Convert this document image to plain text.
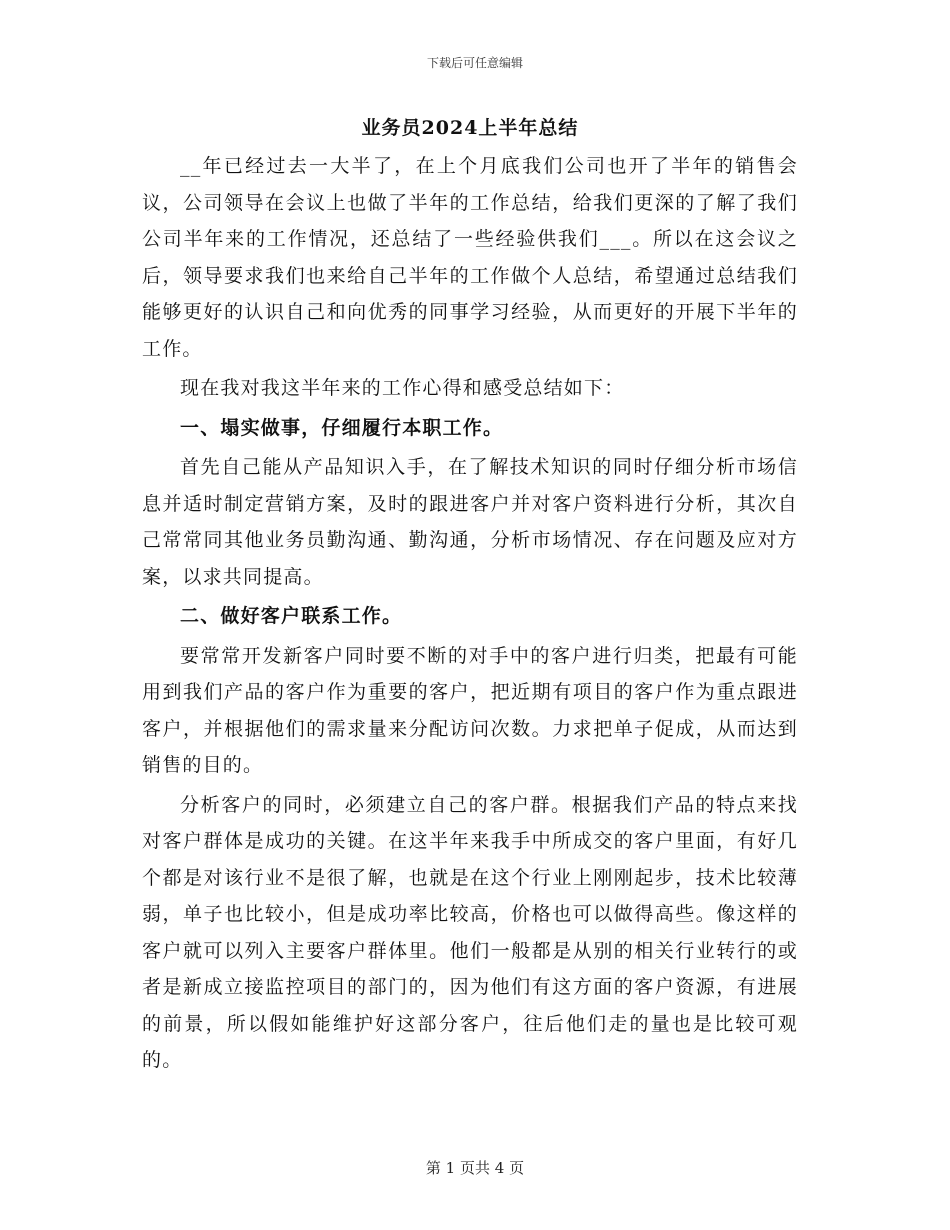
下载后可任意编辑
业务员2024上半年总结

__年已经过去一大半了，在上个月底我们公司也开了半年的销售会议，公司领导在会议上也做了半年的工作总结，给我们更深的了解了我们公司半年来的工作情况，还总结了一些经验供我们___。所以在这会议之后，领导要求我们也来给自己半年的工作做个人总结，希望通过总结我们能够更好的认识自己和向优秀的同事学习经验，从而更好的开展下半年的工作。

现在我对我这半年来的工作心得和感受总结如下：

一、塌实做事，仔细履行本职工作。

首先自己能从产品知识入手，在了解技术知识的同时仔细分析市场信息并适时制定营销方案，及时的跟进客户并对客户资料进行分析，其次自己常常同其他业务员勤沟通、勤沟通，分析市场情况、存在问题及应对方案，以求共同提高。

二、做好客户联系工作。

要常常开发新客户同时要不断的对手中的客户进行归类，把最有可能用到我们产品的客户作为重要的客户，把近期有项目的客户作为重点跟进客户，并根据他们的需求量来分配访问次数。力求把单子促成，从而达到销售的目的。

分析客户的同时，必须建立自己的客户群。根据我们产品的特点来找对客户群体是成功的关键。在这半年来我手中所成交的客户里面，有好几个都是对该行业不是很了解，也就是在这个行业上刚刚起步，技术比较薄弱，单子也比较小，但是成功率比较高，价格也可以做得高些。像这样的客户就可以列入主要客户群体里。他们一般都是从别的相关行业转行的或者是新成立接监控项目的部门的，因为他们有这方面的客户资源，有进展的前景，所以假如能维护好这部分客户，往后他们走的量也是比较可观的。

第 1 页共 4 页
